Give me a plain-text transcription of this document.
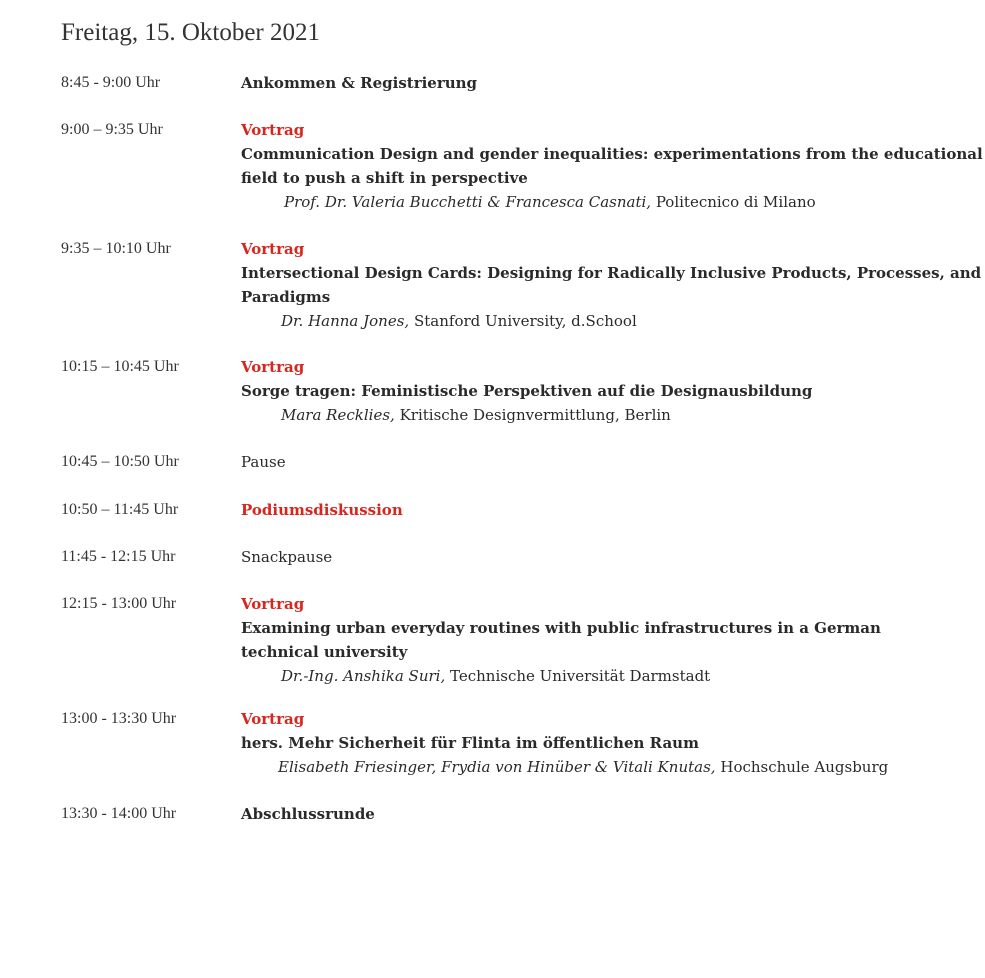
Freitag, 15. Oktober 2021
8:45 - 9:00 Uhr	Ankommen & Registrierung
9:00 – 9:35 Uhr	Vortrag
Communication Design and gender inequalities: experimentations from the educational
field to push a shift in perspective
Prof. Dr. Valeria Bucchetti & Francesca Casnati, Politecnico di Milano
9:35 – 10:10 Uhr	Vortrag
Intersectional Design Cards: Designing for Radically Inclusive Products, Processes, and
Paradigms
Dr. Hanna Jones, Stanford University, d.School
10:15 – 10:45 Uhr	Vortrag
Sorge tragen: Feministische Perspektiven auf die Designausbildung
Mara Recklies, Kritische Designvermittlung, Berlin
10:45 – 10:50 Uhr	Pause
10:50 – 11:45 Uhr	Podiumsdiskussion
11:45 - 12:15 Uhr	Snackpause
12:15 - 13:00 Uhr	Vortrag
Examining urban everyday routines with public infrastructures in a German
technical university
Dr.-Ing. Anshika Suri, Technische Universität Darmstadt
13:00 - 13:30 Uhr	Vortrag
hers. Mehr Sicherheit für Flinta im öffentlichen Raum
Elisabeth Friesinger, Frydia von Hinüber & Vitali Knutas, Hochschule Augsburg
13:30 - 14:00 Uhr	Abschlussrunde
